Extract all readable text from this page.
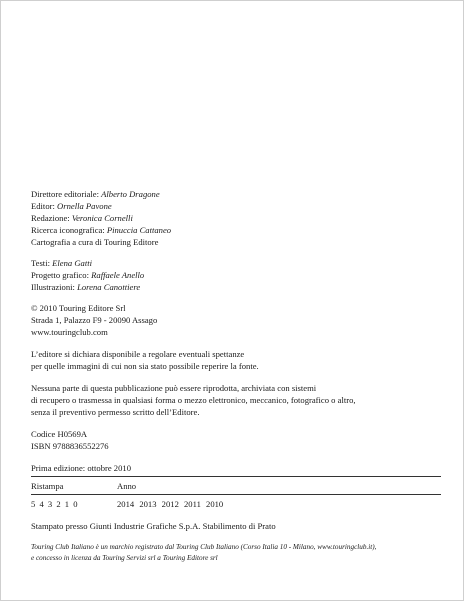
Direttore editoriale: Alberto Dragone
Editor: Ornella Pavone
Redazione: Veronica Cornelli
Ricerca iconografica: Pinuccia Cattaneo
Cartografia a cura di Touring Editore
Testi: Elena Gatti
Progetto grafico: Raffaele Anello
Illustrazioni: Lorena Canottiere
© 2010 Touring Editore Srl
Strada 1, Palazzo F9 - 20090 Assago
www.touringclub.com
L’editore si dichiara disponibile a regolare eventuali spettanze
per quelle immagini di cui non sia stato possibile reperire la fonte.
Nessuna parte di questa pubblicazione può essere riprodotta, archiviata con sistemi
di recupero o trasmessa in qualsiasi forma o mezzo elettronico, meccanico, fotografico o altro,
senza il preventivo permesso scritto dell’Editore.
Codice H0569A
ISBN 9788836552276
Prima edizione: ottobre 2010
Ristampa	Anno
5 4 3 2 1 0	2014 2013 2012 2011 2010
Stampato presso Giunti Industrie Grafiche S.p.A. Stabilimento di Prato
Touring Club Italiano è un marchio registrato dal Touring Club Italiano (Corso Italia 10 - Milano, www.touringclub.it),
e concesso in licenza da Touring Servizi srl a Touring Editore srl
